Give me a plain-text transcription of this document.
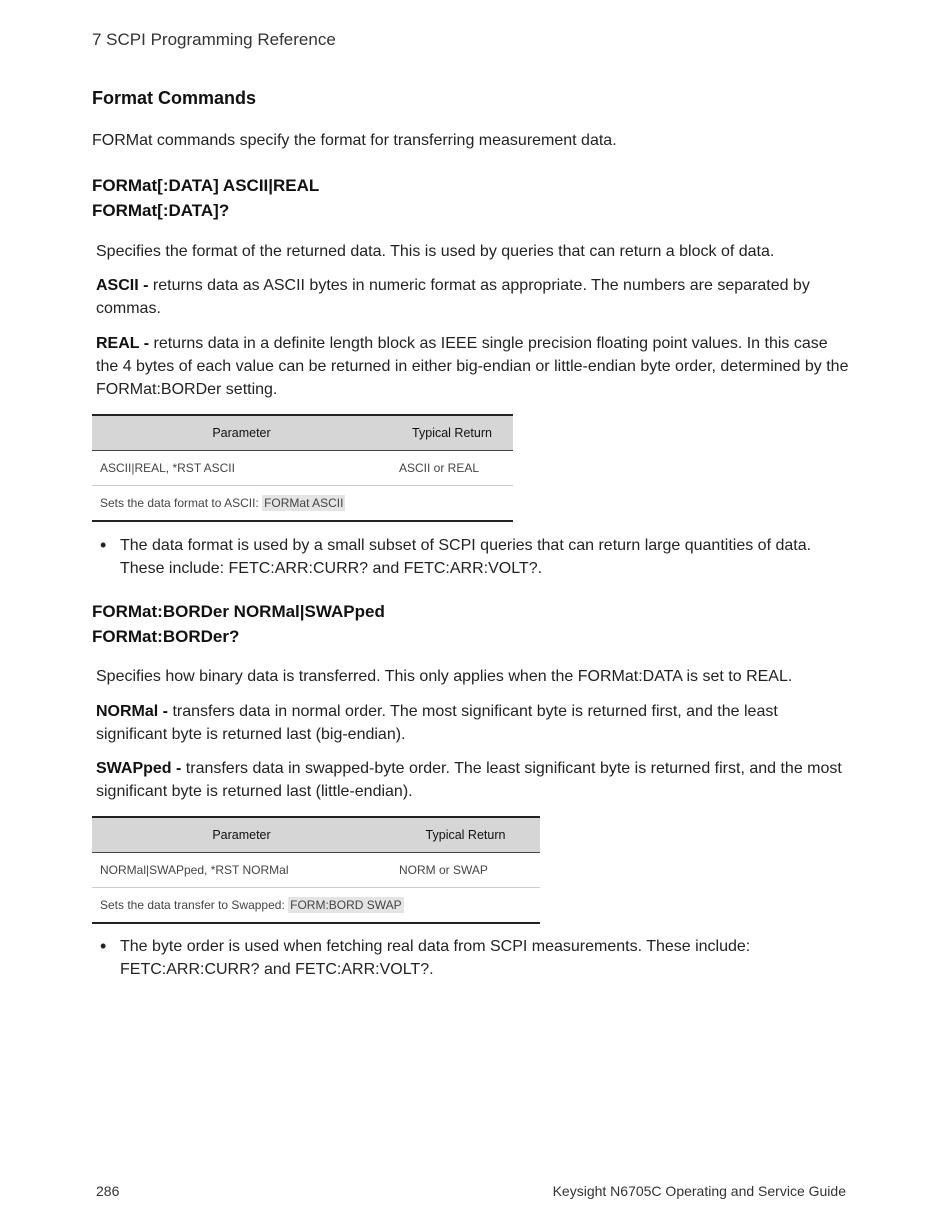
7 SCPI Programming Reference
Format Commands
FORMat commands specify the format for transferring measurement data.
FORMat[:DATA] ASCII|REAL
FORMat[:DATA]?

Specifies the format of the returned data. This is used by queries that can return a block of data.

ASCII - returns data as ASCII bytes in numeric format as appropriate. The numbers are separated by commas.

REAL - returns data in a definite length block as IEEE single precision floating point values. In this case the 4 bytes of each value can be returned in either big-endian or little-endian byte order, determined by the FORMat:BORDer setting.

Parameter	Typical Return
ASCII|REAL, *RST ASCII	ASCII or REAL
Sets the data format to ASCII: FORMat ASCII	
• The data format is used by a small subset of SCPI queries that can return large quantities of data. These include: FETC:ARR:CURR? and FETC:ARR:VOLT?.
FORMat:BORDer NORMal|SWAPped
FORMat:BORDer?

Specifies how binary data is transferred. This only applies when the FORMat:DATA is set to REAL.

NORMal - transfers data in normal order. The most significant byte is returned first, and the least significant byte is returned last (big-endian).

SWAPped - transfers data in swapped-byte order. The least significant byte is returned first, and the most significant byte is returned last (little-endian).

Parameter	Typical Return
NORMal|SWAPped, *RST NORMal	NORM or SWAP
Sets the data transfer to Swapped: FORM:BORD SWAP	
• The byte order is used when fetching real data from SCPI measurements. These include: FETC:ARR:CURR? and FETC:ARR:VOLT?.
286	Keysight N6705C Operating and Service Guide
